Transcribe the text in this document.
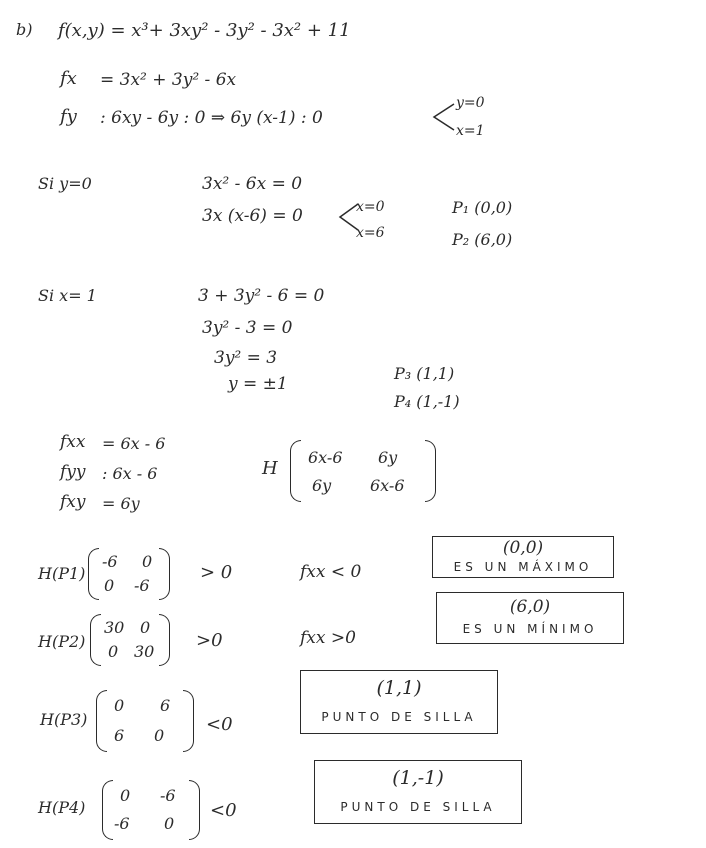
b) f(x,y) = x³+ 3xy² - 3y² - 3x² + 11
fx = 3x² + 3y² - 6x
fy : 6xy - 6y : 0 ⇒ 6y (x-1) : 0
y=0
x=1
Si y=0	3x² - 6x = 0
3x (x-6) = 0	x=0
x=6
P₁ (0,0)
P₂ (6,0)
Si x= 1	3 + 3y² - 6 = 0
3y² - 3 = 0
3y² = 3
y = ±1
P₃ (1,1)
P₄ (1,-1)
fxx = 6x - 6
fyy : 6x - 6
fxy = 6y
H
6x-6 6y
6y 6x-6
H(P1)
-6 0
0 -6
> 0	fxx < 0
(0,0)
ES UN MÁXIMO
H(P2)
30 0
0 30
>0	fxx >0
(6,0)
ES UN MÍNIMO
H(P3)
0 6
6 0
<0
(1,1)
PUNTO DE SILLA
H(P4)
0 -6
-6 0
<0
(1,-1)
PUNTO DE SILLA
